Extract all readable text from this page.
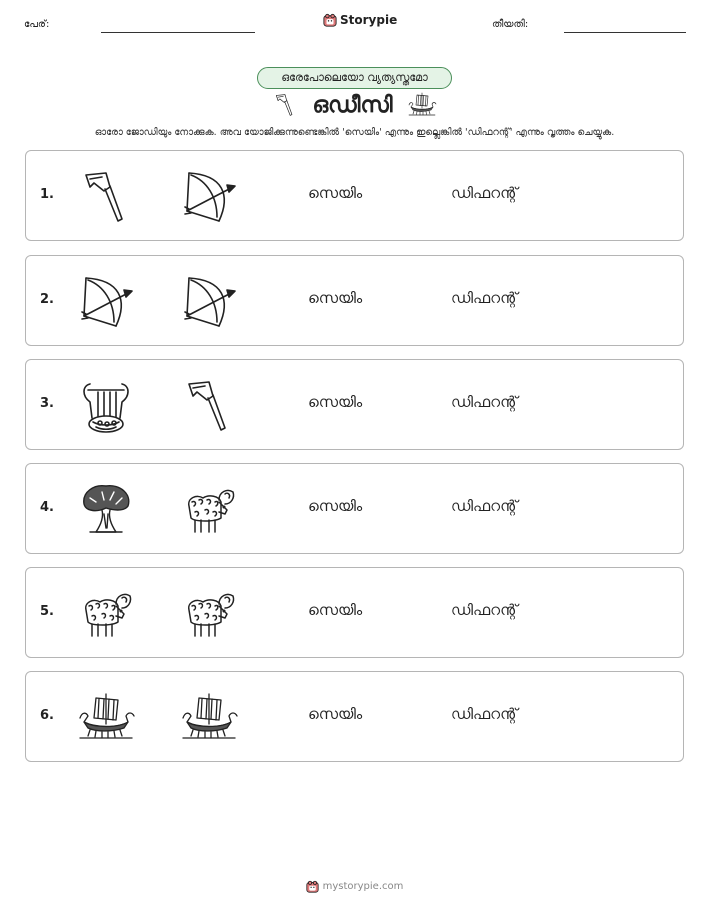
പേര്:	Storypie	തീയതി:
ഒരേപോലെയോ വ്യത്യസ്തമോ
ഒഡീസി
ഓരോ ജോഡിയും നോക്കുക. അവ യോജിക്കുന്നുണ്ടെങ്കിൽ 'സെയിം' എന്നും ഇല്ലെങ്കിൽ 'ഡിഫറന്റ്' എന്നും വൃത്തം ചെയ്യുക.
1.	സെയിം	ഡിഫറന്റ്
2.	സെയിം	ഡിഫറന്റ്
3.	സെയിം	ഡിഫറന്റ്
4.	സെയിം	ഡിഫറന്റ്
5.	സെയിം	ഡിഫറന്റ്
6.	സെയിം	ഡിഫറന്റ്
mystorypie.com
